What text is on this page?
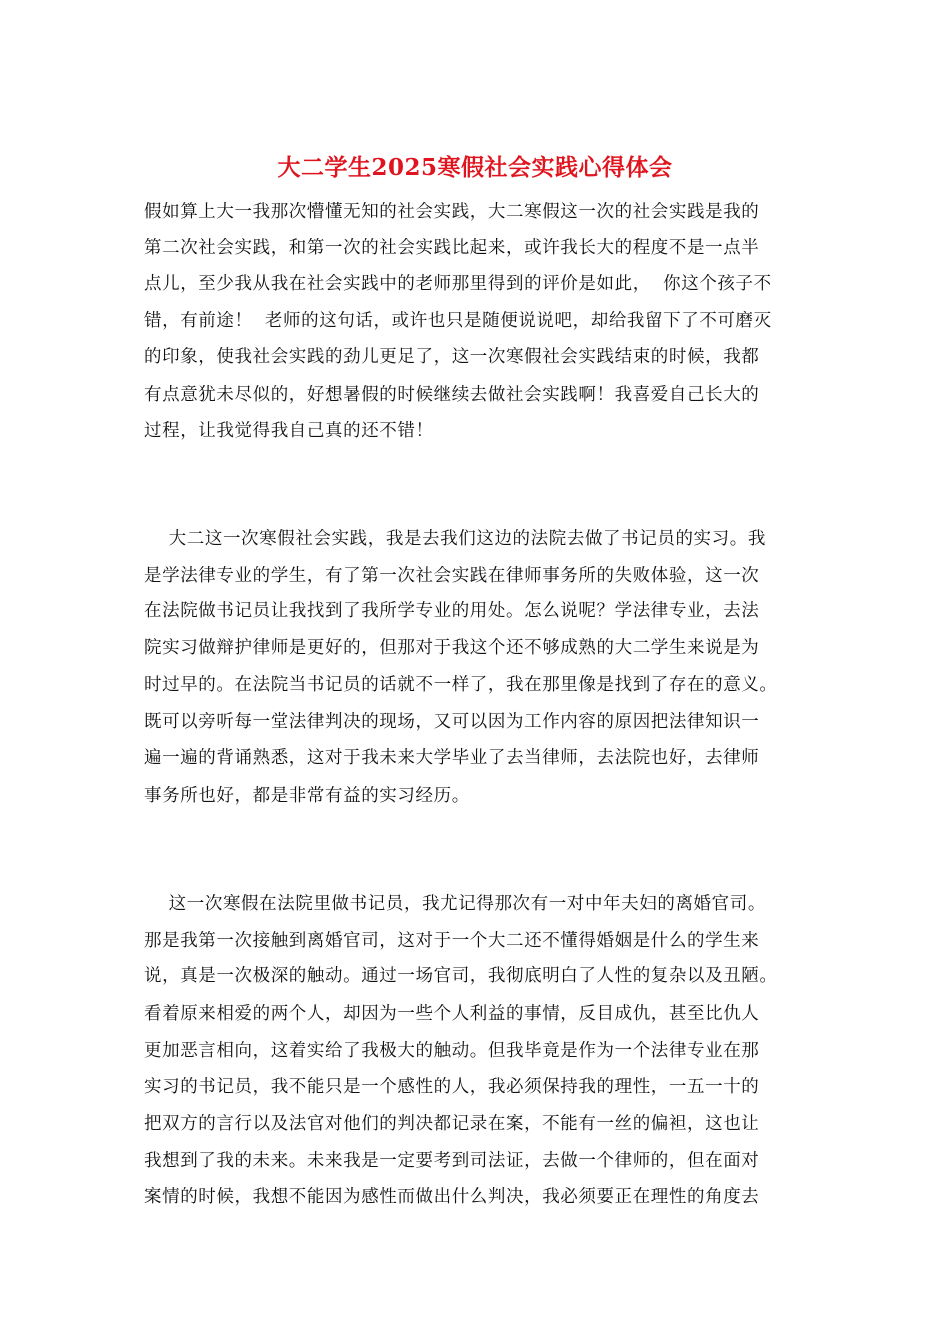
大二学生2025寒假社会实践心得体会
假如算上大一我那次懵懂无知的社会实践，大二寒假这一次的社会实践是我的
第二次社会实践，和第一次的社会实践比起来，或许我长大的程度不是一点半
点儿，至少我从我在社会实践中的老师那里得到的评价是如此，  你这个孩子不
错，有前途！  老师的这句话，或许也只是随便说说吧，却给我留下了不可磨灭
的印象，使我社会实践的劲儿更足了，这一次寒假社会实践结束的时候，我都
有点意犹未尽似的，好想暑假的时候继续去做社会实践啊！我喜爱自己长大的
过程，让我觉得我自己真的还不错！
大二这一次寒假社会实践，我是去我们这边的法院去做了书记员的实习。我
是学法律专业的学生，有了第一次社会实践在律师事务所的失败体验，这一次
在法院做书记员让我找到了我所学专业的用处。怎么说呢？学法律专业，去法
院实习做辩护律师是更好的，但那对于我这个还不够成熟的大二学生来说是为
时过早的。在法院当书记员的话就不一样了，我在那里像是找到了存在的意义。
既可以旁听每一堂法律判决的现场，又可以因为工作内容的原因把法律知识一
遍一遍的背诵熟悉，这对于我未来大学毕业了去当律师，去法院也好，去律师
事务所也好，都是非常有益的实习经历。
这一次寒假在法院里做书记员，我尤记得那次有一对中年夫妇的离婚官司。
那是我第一次接触到离婚官司，这对于一个大二还不懂得婚姻是什么的学生来
说，真是一次极深的触动。通过一场官司，我彻底明白了人性的复杂以及丑陋。
看着原来相爱的两个人，却因为一些个人利益的事情，反目成仇，甚至比仇人
更加恶言相向，这着实给了我极大的触动。但我毕竟是作为一个法律专业在那
实习的书记员，我不能只是一个感性的人，我必须保持我的理性，一五一十的
把双方的言行以及法官对他们的判决都记录在案，不能有一丝的偏袒，这也让
我想到了我的未来。未来我是一定要考到司法证，去做一个律师的，但在面对
案情的时候，我想不能因为感性而做出什么判决，我必须要正在理性的角度去
